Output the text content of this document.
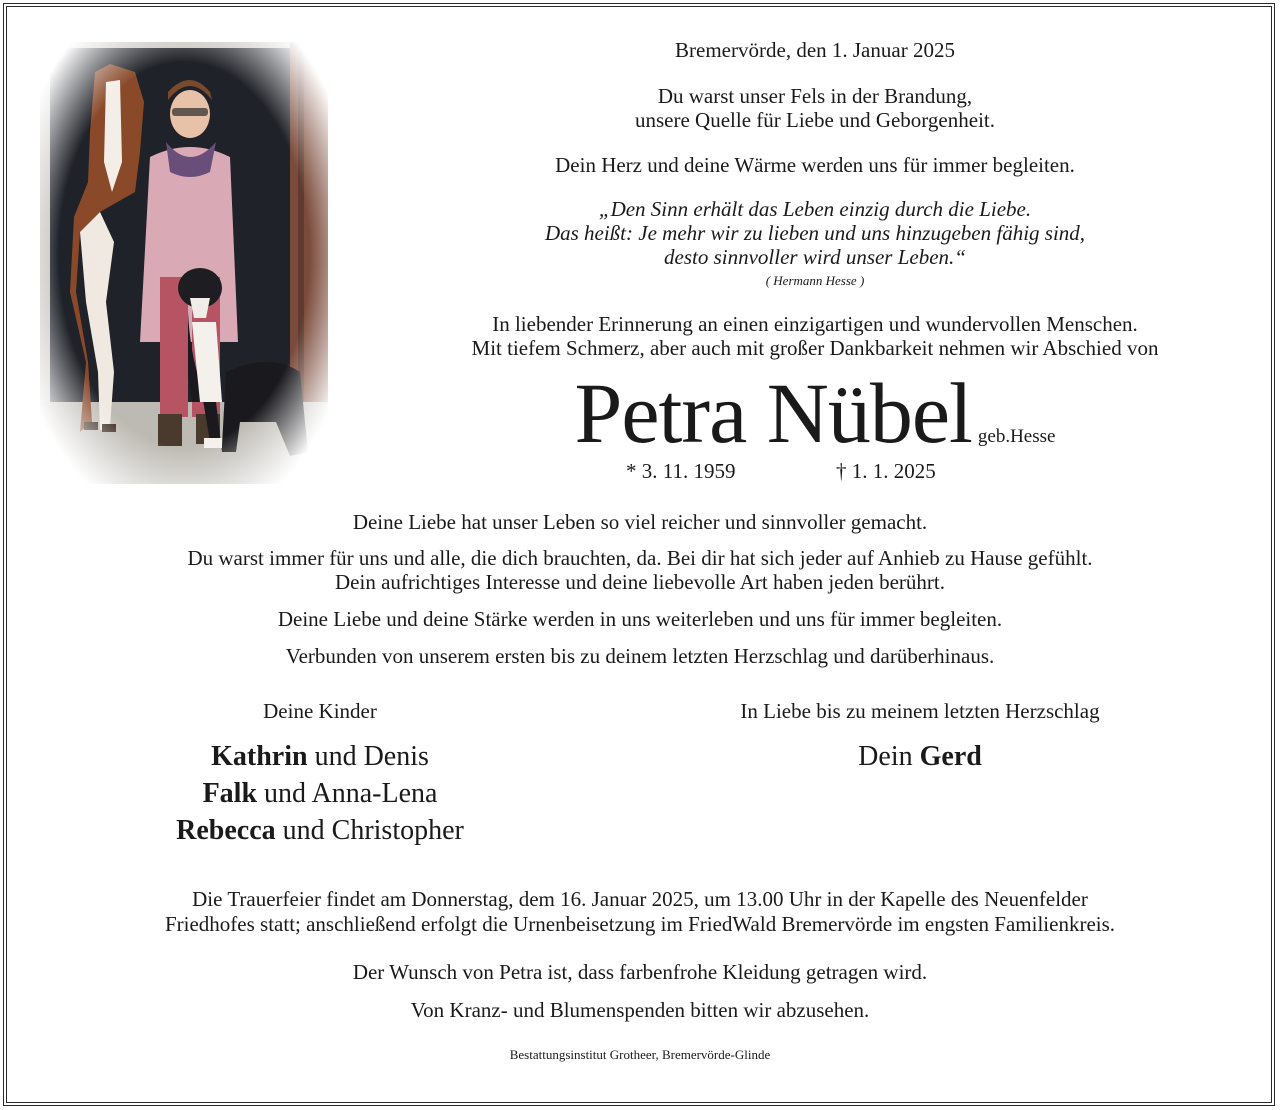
Bremervörde, den 1. Januar 2025
Du warst unser Fels in der Brandung,
unsere Quelle für Liebe und Geborgenheit.
Dein Herz und deine Wärme werden uns für immer begleiten.
„Den Sinn erhält das Leben einzig durch die Liebe.
Das heißt: Je mehr wir zu lieben und uns hinzugeben fähig sind,
desto sinnvoller wird unser Leben.“
( Hermann Hesse )
In liebender Erinnerung an einen einzigartigen und wundervollen Menschen.
Mit tiefem Schmerz, aber auch mit großer Dankbarkeit nehmen wir Abschied von
Petra Nübel geb.Hesse
* 3. 11. 1959	† 1. 1. 2025
Deine Liebe hat unser Leben so viel reicher und sinnvoller gemacht.
Du warst immer für uns und alle, die dich brauchten, da. Bei dir hat sich jeder auf Anhieb zu Hause gefühlt.
Dein aufrichtiges Interesse und deine liebevolle Art haben jeden berührt.
Deine Liebe und deine Stärke werden in uns weiterleben und uns für immer begleiten.
Verbunden von unserem ersten bis zu deinem letzten Herzschlag und darüberhinaus.
Deine Kinder
Kathrin und Denis
Falk und Anna-Lena
Rebecca und Christopher
In Liebe bis zu meinem letzten Herzschlag
Dein Gerd
Die Trauerfeier findet am Donnerstag, dem 16. Januar 2025, um 13.00 Uhr in der Kapelle des Neuenfelder
Friedhofes statt; anschließend erfolgt die Urnenbeisetzung im FriedWald Bremervörde im engsten Familienkreis.
Der Wunsch von Petra ist, dass farbenfrohe Kleidung getragen wird.
Von Kranz- und Blumenspenden bitten wir abzusehen.
Bestattungsinstitut Grotheer, Bremervörde-Glinde
